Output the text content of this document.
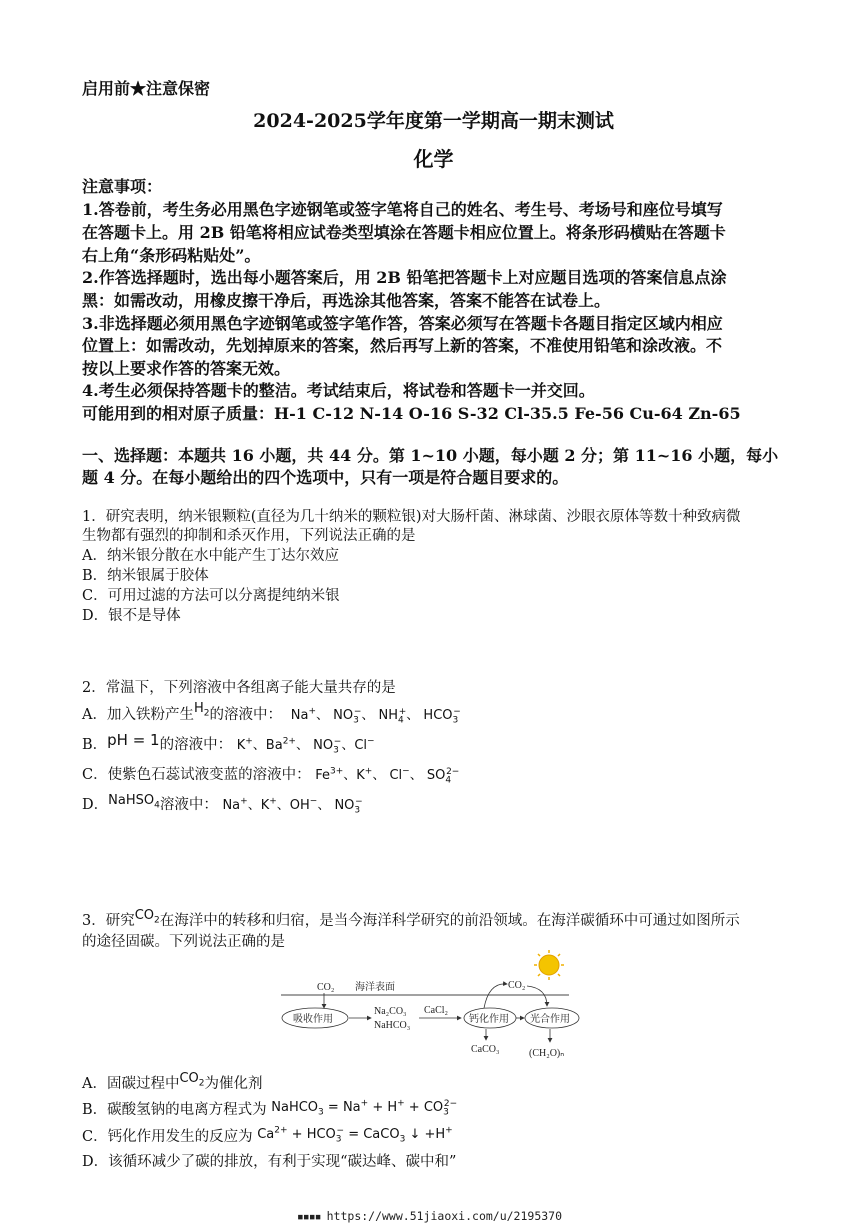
启用前★注意保密
2024-2025学年度第一学期高一期末测试
化学
注意事项：
1.答卷前，考生务必用黑色字迹钢笔或签字笔将自己的姓名、考生号、考场号和座位号填写
在答题卡上。用 2B 铅笔将相应试卷类型填涂在答题卡相应位置上。将条形码横贴在答题卡
右上角“条形码粘贴处”。
2.作答选择题时，选出每小题答案后，用 2B 铅笔把答题卡上对应题目选项的答案信息点涂
黑：如需改动，用橡皮擦干净后，再选涂其他答案，答案不能答在试卷上。
3.非选择题必须用黑色字迹钢笔或签字笔作答，答案必须写在答题卡各题目指定区域内相应
位置上：如需改动，先划掉原来的答案，然后再写上新的答案，不准使用铅笔和涂改液。不
按以上要求作答的答案无效。
4.考生必须保持答题卡的整洁。考试结束后，将试卷和答题卡一并交回。
可能用到的相对原子质量：H-1 C-12 N-14 O-16 S-32 Cl-35.5 Fe-56 Cu-64 Zn-65
一、选择题：本题共 16 小题，共 44 分。第 1~10 小题，每小题 2 分；第 11~16 小题，每小
题 4 分。在每小题给出的四个选项中，只有一项是符合题目要求的。
1．研究表明，纳米银颗粒(直径为几十纳米的颗粒银)对大肠杆菌、淋球菌、沙眼衣原体等数十种致病微
生物都有强烈的抑制和杀灭作用，下列说法正确的是
A．纳米银分散在水中能产生丁达尔效应
B．纳米银属于胶体
C．可用过滤的方法可以分离提纯纳米银
D．银不是导体
2．常温下，下列溶液中各组离子能大量共存的是
A．加入铁粉产生$H_2$的溶液中：  Na+、 $NO_3^-$、 $NH_4^+$、 $HCO_3^-$
B．pH = 1的溶液中： K+、$Ba^{2+}$、 $NO_3^-$、Cl−
C．使紫色石蕊试液变蓝的溶液中： $Fe^{3+}$、K+、 Cl−、 $SO_4^{2-}$
D．NaHSO$_4$溶液中： Na+、K+、OH−、 $NO_3^-$
3．研究$CO_2$在海洋中的转移和归宿，是当今海洋科学研究的前沿领域。在海洋碳循环中可通过如图所示
的途径固碳。下列说法正确的是
CO₂ 海洋表面
吸收作用
Na₂CO₃
NaHCO₃
CaCl₂
钙化作用 光合作用
CO₂
CaCO₃	(CH₂O)ₙ
A．固碳过程中$CO_2$为催化剂
B．碳酸氢钠的电离方程式为 NaHCO$_3$ = $Na^+ + H^+ + CO_3^{2-}$
C．钙化作用发生的反应为 $Ca^{2+} + HCO_3^-$ = CaCO$_3$ ↓ +H+
D．该循环减少了碳的排放，有利于实现“碳达峰、碳中和”
▪▪▪▪ https://www.51jiaoxi.com/u/2195370
